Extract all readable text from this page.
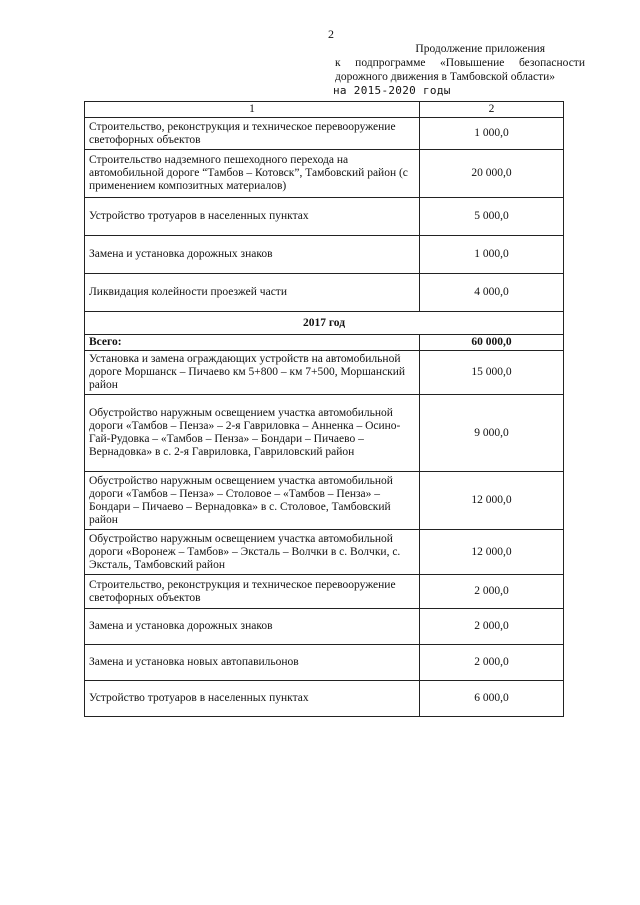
2
Продолжение приложения
к подпрограмме «Повышение безопасности
дорожного движения в Тамбовской области»
на 2015-2020 годы
1	2
Строительство, реконструкция и техническое перевооружение светофорных объектов	1 000,0
Строительство надземного пешеходного перехода на автомобильной дороге “Тамбов – Котовск”, Тамбовский район (с применением композитных материалов)	20 000,0
Устройство тротуаров в населенных пунктах	5 000,0
Замена и установка дорожных знаков	1 000,0
Ликвидация колейности проезжей части	4 000,0
2017 год	
Всего:	60 000,0
Установка и замена ограждающих устройств на автомобильной дороге Моршанск – Пичаево км 5+800 – км 7+500, Моршанский район	15 000,0
Обустройство наружным освещением участка автомобильной дороги «Тамбов – Пенза» – 2-я Гавриловка – Анненка – Осино-Гай-Рудовка – «Тамбов – Пенза» – Бондари – Пичаево – Вернадовка» в с. 2-я Гавриловка, Гавриловский район	9 000,0
Обустройство наружным освещением участка автомобильной дороги «Тамбов – Пенза» – Столовое – «Тамбов – Пенза» – Бондари – Пичаево – Вернадовка» в с. Столовое, Тамбовский район	12 000,0
Обустройство наружным освещением участка автомобильной дороги «Воронеж – Тамбов» – Эксталь – Волчки в с. Волчки, с. Эксталь, Тамбовский район	12 000,0
Строительство, реконструкция и техническое перевооружение светофорных объектов	2 000,0
Замена и установка дорожных знаков	2 000,0
Замена и установка новых автопавильонов	2 000,0
Устройство тротуаров в населенных пунктах	6 000,0
